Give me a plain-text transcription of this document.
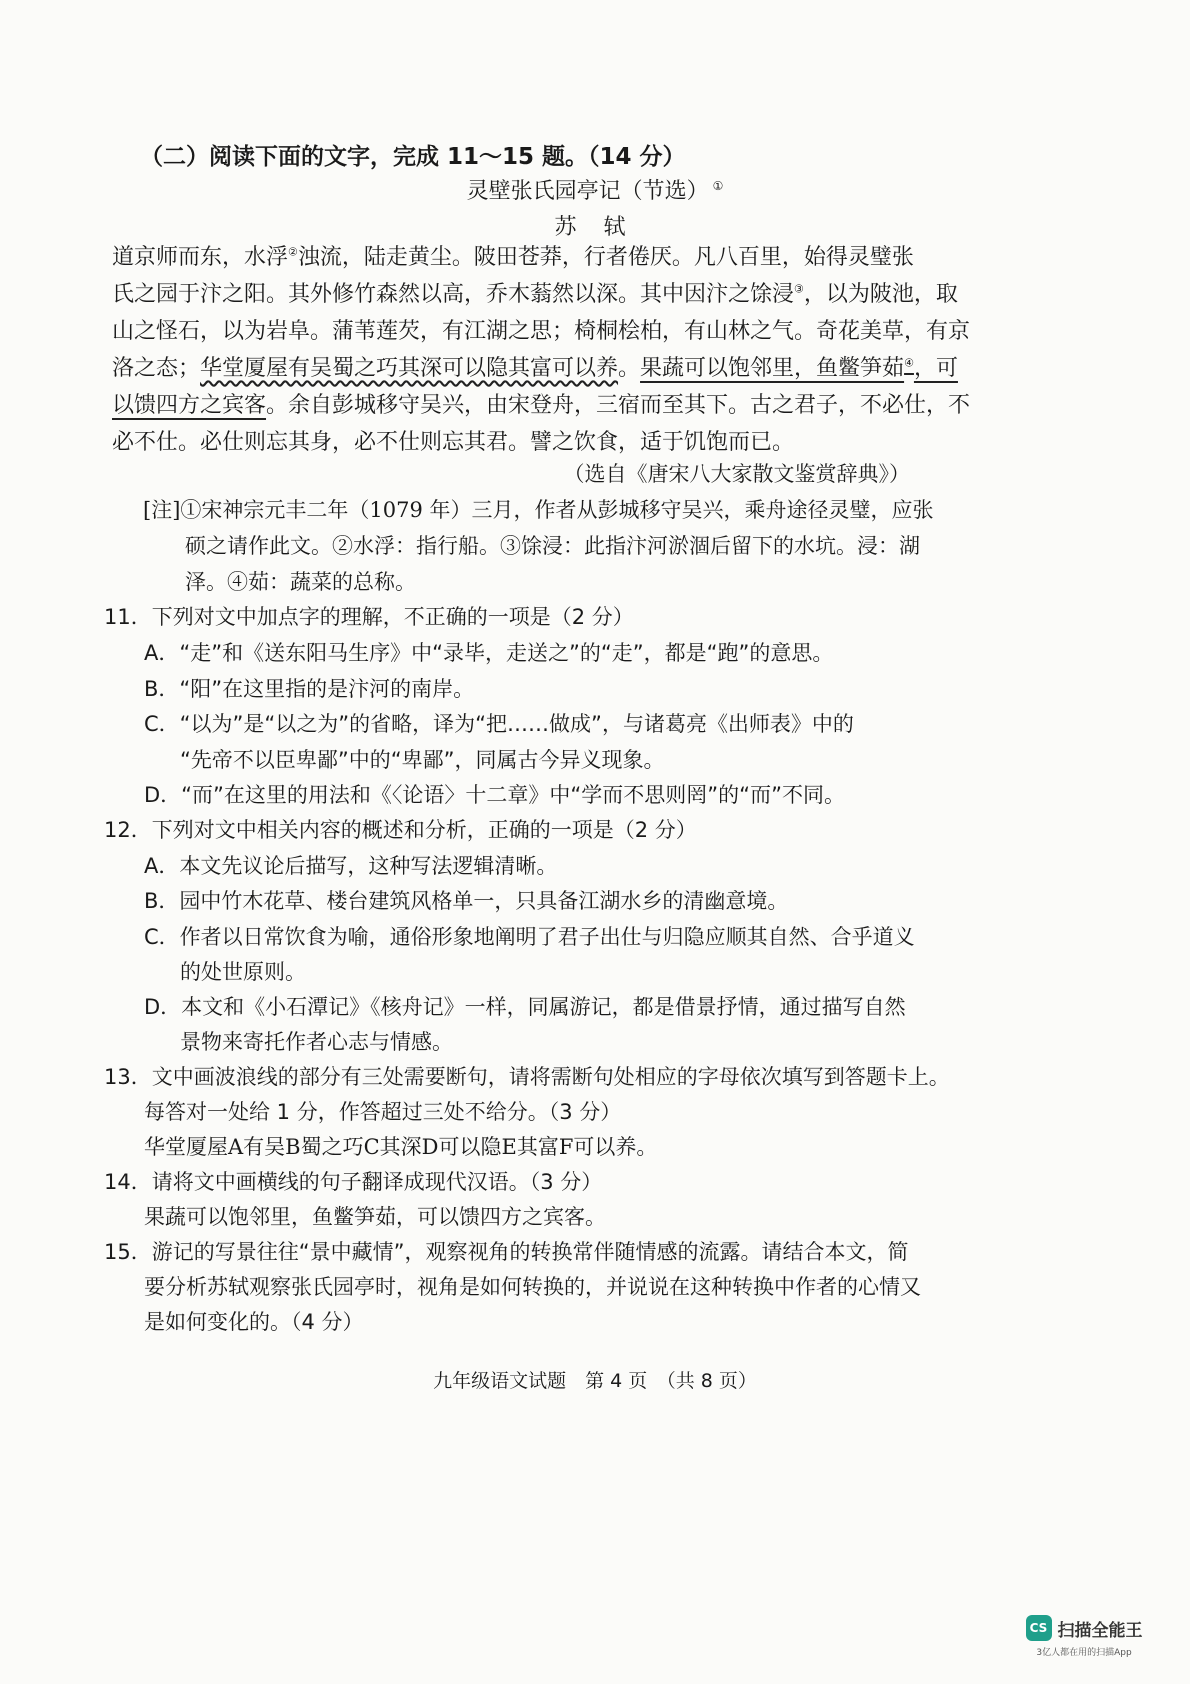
（二）阅读下面的文字，完成 11～15 题。（14 分）
灵壁张氏园亭记（节选） ①
苏 轼
道京师而东，水浮②浊流，陆走黄尘。陂田苍莽，行者倦厌。凡八百里，始得灵璧张
氏之园于汴之阳。其外修竹森然以高，乔木蓊然以深。其中因汴之馀浸③，以为陂池，取
山之怪石，以为岩阜。蒲苇莲芡，有江湖之思；椅桐桧柏，有山林之气。奇花美草，有京
洛之态；华堂厦屋有吴蜀之巧其深可以隐其富可以养。果蔬可以饱邻里，鱼鳖笋茹④，可
以馈四方之宾客。余自彭城移守吴兴，由宋登舟，三宿而至其下。古之君子，不必仕，不
必不仕。必仕则忘其身，必不仕则忘其君。譬之饮食，适于饥饱而已。
（选自《唐宋八大家散文鉴赏辞典》）
[注]①宋神宗元丰二年（1079 年）三月，作者从彭城移守吴兴，乘舟途径灵璧，应张
硕之请作此文。②水浮：指行船。③馀浸：此指汴河淤涸后留下的水坑。浸：湖
泽。④茹：蔬菜的总称。
11．下列对文中加点字的理解，不正确的一项是（2 分）
A．“走”和《送东阳马生序》中“录毕，走送之”的“走”，都是“跑”的意思。
B．“阳”在这里指的是汴河的南岸。
C．“以为”是“以之为”的省略，译为“把……做成”，与诸葛亮《出师表》中的
“先帝不以臣卑鄙”中的“卑鄙”，同属古今异义现象。
D．“而”在这里的用法和《〈论语〉十二章》中“学而不思则罔”的“而”不同。
12．下列对文中相关内容的概述和分析，正确的一项是（2 分）
A．本文先议论后描写，这种写法逻辑清晰。
B．园中竹木花草、楼台建筑风格单一，只具备江湖水乡的清幽意境。
C．作者以日常饮食为喻，通俗形象地阐明了君子出仕与归隐应顺其自然、合乎道义
的处世原则。
D．本文和《小石潭记》《核舟记》一样，同属游记，都是借景抒情，通过描写自然
景物来寄托作者心志与情感。
13．文中画波浪线的部分有三处需要断句，请将需断句处相应的字母依次填写到答题卡上。
每答对一处给 1 分，作答超过三处不给分。（3 分）
华堂厦屋A有吴B蜀之巧C其深D可以隐E其富F可以养。
14．请将文中画横线的句子翻译成现代汉语。（3 分）
果蔬可以饱邻里，鱼鳖笋茹，可以馈四方之宾客。
15．游记的写景往往“景中藏情”，观察视角的转换常伴随情感的流露。请结合本文，简
要分析苏轼观察张氏园亭时，视角是如何转换的，并说说在这种转换中作者的心情又
是如何变化的。（4 分）
九年级语文试题　第 4 页　（共 8 页）
CS 扫描全能王
3亿人都在用的扫描App
